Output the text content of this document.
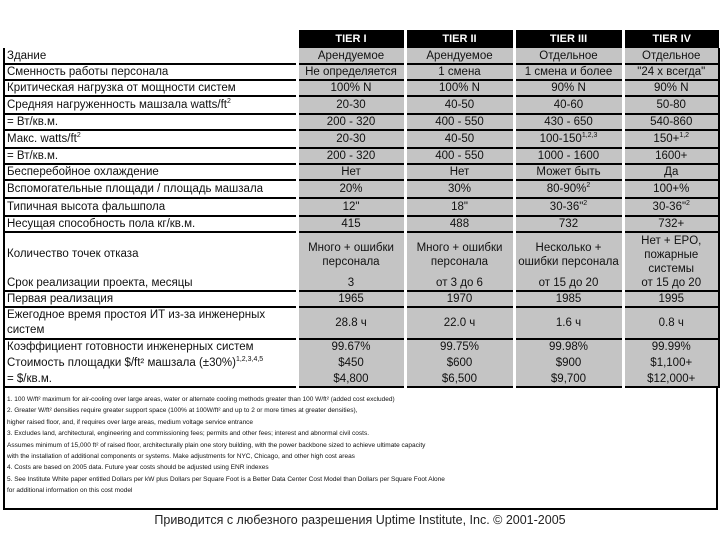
	TIER I	TIER II	TIER III	TIER IV
Здание	Арендуемое	Арендуемое	Отдельное	Отдельное
Сменность работы персонала	Не определяется	1 смена	1 смена и более	"24 х всегда"
Критическая нагрузка от мощности систем	100% N	100% N	90% N	90% N
Средняя нагруженность машзала watts/$ft^2$	20-30	40-50	40-60	50-80
= Вт/кв.м.	200 - 320	400 - 550	430 - 650	540-860
Макс. watts/$ft^2$	20-30	40-50	100-150$^{1,2,3}$	150+$^{1,2}$
= Вт/кв.м.	200 - 320	400 - 550	1000 - 1600	1600+
Бесперебойное охлаждение	Нет	Нет	Может быть	Да
Вспомогательные площади / площадь машзала	20%	30%	80-90%$^2$	100+%
Типичная высота фальшпола	12"	18"	30-36"$^2$	30-36"$^2$
Несущая способность пола кг/кв.м.	415	488	732	732+
Количество точек отказа	Много + ошибки персонала	Много + ошибки персонала	Несколько + ошибки персонала	Нет + EPO, пожарные системы
Срок реализации проекта, месяцы	3	от 3 до 6	от 15 до 20	от 15 до 20
Первая реализация	1965	1970	1985	1995
Ежегодное время простоя ИТ из-за инженерных систем	28.8 ч	22.0 ч	1.6 ч	0.8 ч
Коэффициент готовности инженерных систем	99.67%	99.75%	99.98%	99.99%
Стоимость площадки $/ft² машзала $(\pm 30\%)^{1,2,3,4,5}$	$450	$600	$900	$1,100+
= $/кв.м.	$4,800	$6,500	$9,700	$12,000+
1. 100 W/ft² maximum for air-cooling over large areas, water or alternate cooling methods greater than 100 W/ft² (added cost excluded)
2. Greater W/ft² densities require greater support space (100% at 100W/ft² and up to 2 or more times at greater densities),
higher raised floor, and, if requires over large areas, medium voltage service entrance
3. Excludes land, architectural, engineering and commissioning fees; permits and other fees; interest and abnormal civil costs.
Assumes minimum of 15,000 ft² of raised floor, architecturally plain one story building, with the power backbone sized to achieve ultimate capacity
with the installation of additional components or systems. Make adjustments for NYC, Chicago, and other high cost areas
4. Costs are based on 2005 data. Future year costs should be adjusted using ENR indexes
5. See Institute White paper entitled Dollars per kW plus Dollars per Square Foot is a Better Data Center Cost Model than Dollars per Square Foot Alone
for additional information on this cost model
Приводится с любезного разрешения Uptime Institute, Inc. © 2001-2005
